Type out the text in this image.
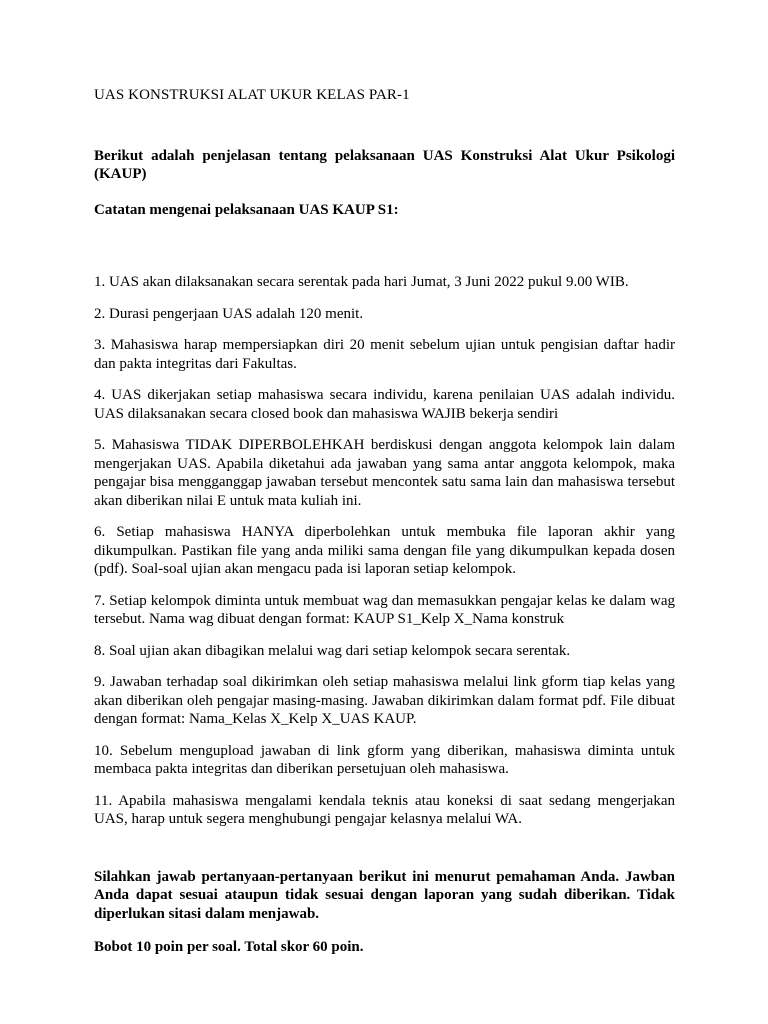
UAS KONSTRUKSI ALAT UKUR KELAS PAR-1

Berikut adalah penjelasan tentang pelaksanaan UAS Konstruksi Alat Ukur Psikologi (KAUP)

Catatan mengenai pelaksanaan UAS KAUP S1:

1. UAS akan dilaksanakan secara serentak pada hari Jumat, 3 Juni 2022 pukul 9.00 WIB.
2. Durasi pengerjaan UAS adalah 120 menit.
3. Mahasiswa harap mempersiapkan diri 20 menit sebelum ujian untuk pengisian daftar hadir dan pakta integritas dari Fakultas.
4. UAS dikerjakan setiap mahasiswa secara individu, karena penilaian UAS adalah individu. UAS dilaksanakan secara closed book dan mahasiswa WAJIB bekerja sendiri
5. Mahasiswa TIDAK DIPERBOLEHKAH berdiskusi dengan anggota kelompok lain dalam mengerjakan UAS. Apabila diketahui ada jawaban yang sama antar anggota kelompok, maka pengajar bisa mengganggap jawaban tersebut mencontek satu sama lain dan mahasiswa tersebut akan diberikan nilai E untuk mata kuliah ini.
6. Setiap mahasiswa HANYA diperbolehkan untuk membuka file laporan akhir yang dikumpulkan. Pastikan file yang anda miliki sama dengan file yang dikumpulkan kepada dosen (pdf). Soal-soal ujian akan mengacu pada isi laporan setiap kelompok.
7. Setiap kelompok diminta untuk membuat wag dan memasukkan pengajar kelas ke dalam wag tersebut. Nama wag dibuat dengan format: KAUP S1_Kelp X_Nama konstruk
8. Soal ujian akan dibagikan melalui wag dari setiap kelompok secara serentak.
9. Jawaban terhadap soal dikirimkan oleh setiap mahasiswa melalui link gform tiap kelas yang akan diberikan oleh pengajar masing-masing. Jawaban dikirimkan dalam format pdf. File dibuat dengan format: Nama_Kelas X_Kelp X_UAS KAUP.
10. Sebelum mengupload jawaban di link gform yang diberikan, mahasiswa diminta untuk membaca pakta integritas dan diberikan persetujuan oleh mahasiswa.
11. Apabila mahasiswa mengalami kendala teknis atau koneksi di saat sedang mengerjakan UAS, harap untuk segera menghubungi pengajar kelasnya melalui WA.

Silahkan jawab pertanyaan-pertanyaan berikut ini menurut pemahaman Anda. Jawban Anda dapat sesuai ataupun tidak sesuai dengan laporan yang sudah diberikan. Tidak diperlukan sitasi dalam menjawab.

Bobot 10 poin per soal. Total skor 60 poin.
